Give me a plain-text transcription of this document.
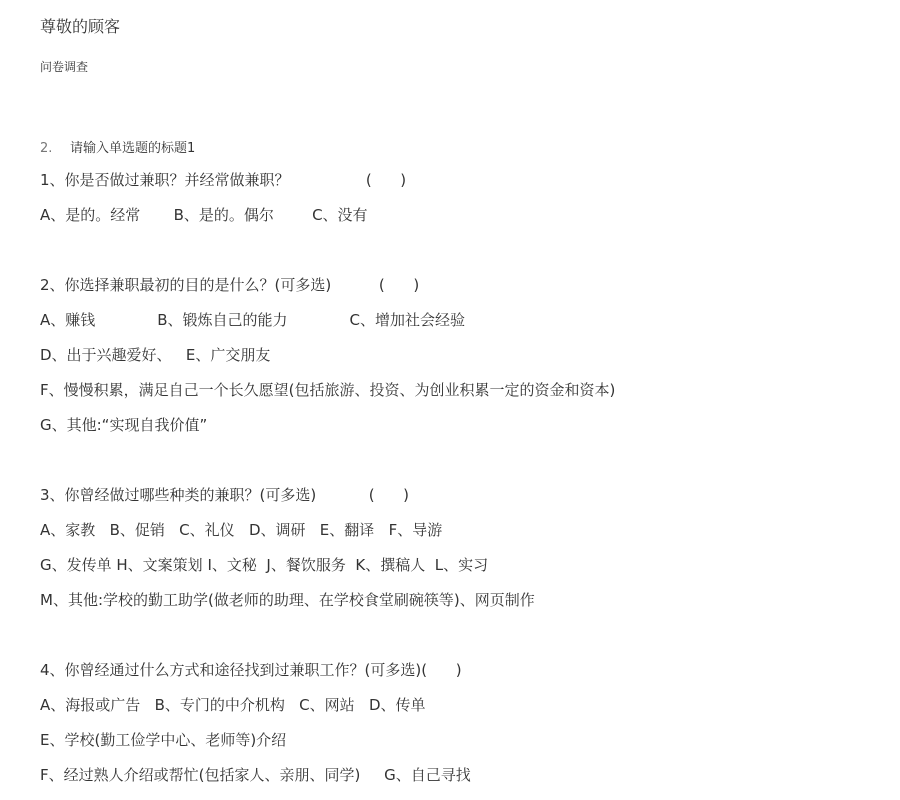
尊敬的顾客
问卷调查
2. 请输入单选题的标题1
1、你是否做过兼职？并经常做兼职？                (      )
A、是的。经常       B、是的。偶尔        C、没有
2、你选择兼职最初的目的是什么？(可多选)          (      )
A、赚钱             B、锻炼自己的能力             C、增加社会经验
D、出于兴趣爱好、   E、广交朋友
F、慢慢积累，满足自己一个长久愿望(包括旅游、投资、为创业积累一定的资金和资本)
G、其他:“实现自我价值”
3、你曾经做过哪些种类的兼职？(可多选)           (      )
A、家教   B、促销   C、礼仪   D、调研   E、翻译   F、导游
G、发传单 H、文案策划 I、文秘  J、餐饮服务  K、撰稿人  L、实习
M、其他:学校的勤工助学(做老师的助理、在学校食堂刷碗筷等)、网页制作
4、你曾经通过什么方式和途径找到过兼职工作？(可多选)(      )
A、海报或广告   B、专门的中介机构   C、网站   D、传单
E、学校(勤工俭学中心、老师等)介绍
F、经过熟人介绍或帮忙(包括家人、亲朋、同学)     G、自己寻找
